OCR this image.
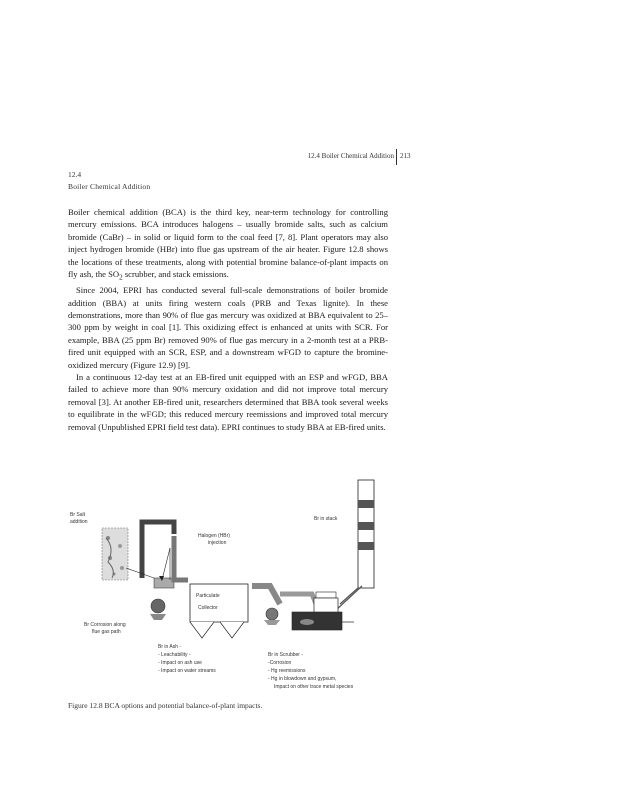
12.4 Boiler Chemical Addition 213
12.4
Boiler Chemical Addition

Boiler chemical addition (BCA) is the third key, near-term technology for controlling mercury emissions. BCA introduces halogens – usually bromide salts, such as calcium bromide (CaBr) – in solid or liquid form to the coal feed [7, 8]. Plant operators may also inject hydrogen bromide (HBr) into flue gas upstream of the air heater. Figure 12.8 shows the locations of these treatments, along with potential bromine balance-of-plant impacts on fly ash, the $SO_2$ scrubber, and stack emissions.

Since 2004, EPRI has conducted several full-scale demonstrations of boiler bromide addition (BBA) at units firing western coals (PRB and Texas lignite). In these demonstrations, more than 90% of flue gas mercury was oxidized at BBA equivalent to 25–300 ppm by weight in coal [1]. This oxidizing effect is enhanced at units with SCR. For example, BBA (25 ppm Br) removed 90% of flue gas mercury in a 2-month test at a PRB-fired unit equipped with an SCR, ESP, and a downstream wFGD to capture the bromine-oxidized mercury (Figure 12.9) [9].

In a continuous 12-day test at an EB-fired unit equipped with an ESP and wFGD, BBA failed to achieve more than 90% mercury oxidation and did not improve total mercury removal [3]. At another EB-fired unit, researchers determined that BBA took several weeks to equilibrate in the wFGD; this reduced mercury reemissions and improved total mercury removal (Unpublished EPRI field test data). EPRI continues to study BBA at EB-fired units.

Particulate
Collector
Br Salt
addition
Halogen (HBr)
injection
Br in stack
Br Corrosion along
flue gas path
Br in Ash -
- Leachability -
- Impact on ash use
- Impact on water streams
Br in Scrubber -
-Corrosion
- Hg reemissions
- Hg in blowdown and gypsum,
Impact on other trace metal species
Figure 12.8 BCA options and potential balance-of-plant impacts.
